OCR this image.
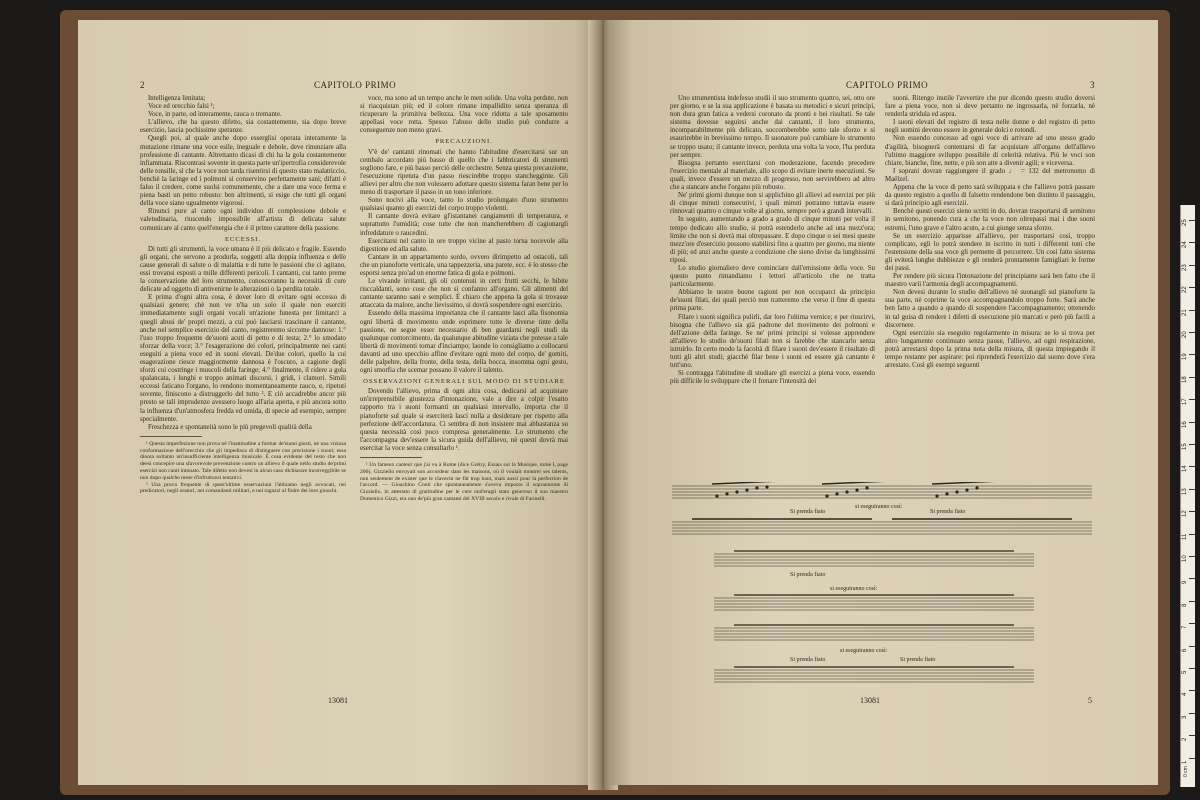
2	CAPITOLO PRIMO

Intelligenza limitata;

Voce ed orecchio falsi ¹;

Voce, in parte, od interamente, rauca o tremante.

L'allievo, che ha questo difetto, sia costantemente, sia dopo breve esercizio, lascia pochissime speranze.

Quegli poi, al quale anche dopo esserglisi operata interamente la mutazione rimane una voce esile, ineguale e debole, deve rinunziare alla professione di cantante. Altrettanto dicasi di chi ha la gola costantemente infiammata. Riscontrasi sovente in questa parte un'ipertrofia considerevole delle tonsille, sì che la voce non tarda risentirsi di questo stato malatticcio, benchè la laringe ed i polmoni si conservino perfettamente sani; difatti è falso il credere, come suolsi comunemente, che a dare una voce ferma e piena basti un petto robusto: ben altrimenti, si esige che tutti gli organi della voce siano ugualmente vigorosi.

Rinunci pure al canto ogni individuo di complessione debole e valetudinaria, riuscendo impossibile all'artista di delicata salute comunicare al canto quell'energia che è il primo carattere della passione.

ECCESSI.

Di tutti gli strumenti, la voce umana è il più delicato e fragile. Essendo gli organi, che servono a produrla, soggetti alla doppia influenza e delle cause generali di salute o di malattia e di tutte le passioni che ci agitano, essi trovansi esposti a mille differenti pericoli. I cantanti, cui tanto preme la conservazione del loro strumento, conosceranno la necessità di cure delicate ad oggetto di antivenirne le alterazioni o la perdita totale.

E prima d'ogni altra cosa, è dover loro di evitare ogni eccesso di qualsiasi genere; chè non ve n'ha un solo il quale non eserciti immediatamente sugli organi vocali un'azione funesta per limitarci a quegli abusi de' propri mezzi, a cui può lasciarsi trascinare il cantante, anche nel semplice esercizio del canto, registreremo siccome dannose: 1.° l'uso troppo frequente de'suoni acuti di petto e di testa; 2.° lo smodato sforzar della voce; 3.° l'esagerazione dei colori, principalmente nei canti eseguiti a piena voce ed in suoni elevati. De'due colori, quello la cui esagerazione riesce maggiormente dannosa è l'oscuro, a cagione degli sforzi cui costringe i muscoli della faringe; 4.° finalmente, il ridere a gola spalancata, i lunghi e troppo animati discorsi, i gridi, i clamori. Simili eccessi faticano l'organo, lo rendono momentaneamente rauco, e, ripetuti sovente, finiscono a distruggerlo del tutto ². E ciò accadrebbe ancor più presto se tali imprudenze avessero luogo all'aria aperta, e più ancora sotto la influenza d'un'atmosfera fredda ed umida, di specie ad esempio, sempre specialmente.

Freschezza e spontaneità sono le più pregevoli qualità della

¹ Questa imperfezione non prova nè l'inattitudine a formar de'suoni giusti, nè una viziosa conformazione dell'orecchio che gli impedisca di distinguere con precisione i suoni; essa dinota soltanto un'insufficiente intelligenza musicale. È cosa evidente del resto che non deesi concepire una sfavorevole prevenzione contro un allievo il quale nello studio de'primi esercizi non canti intonato. Tale difetto non devesi in alcun caso dichiarare incorreggibile se non dopo qualche mese d'infruttuosi tentativi.

² Una prova frequente di quest'ultime osservazioni l'abbiamo negli avvocati, nei predicatori, negli oratori, nei comandanti militari, e nei ragazzi al finire dei loro giuochi.

voce, ma sono ad un tempo anche le men solide. Una volta perdute, non si riacquistan più; ed il colore rimane impallidito senza speranza di ricuperare la primitiva bellezza. Una voce ridotta a tale sposamento appellasi voce rotta. Spesso l'abuso dello studio può condurre a conseguenze non meno gravi.

PRECAUZIONI.

V'è de' cantanti rinomati che hanno l'abitudine d'esercitarsi sur un cembalo accordato più basso di quello che i fabbricatori di strumenti sogliono fare, e più basso perciò delle orchestre. Senza questa precauzione, l'esecuzione ripetuta d'un passo riescirebbe troppo stanchegginte. Gli allievi per altro che non volessero adottare questo sistema faran bene per lo meno di trasportare il passo in un tono inferiore.

Sono nocivi alla voce, tanto lo studio prolungato d'uno strumento qualsiasi quanto gli esercizi del corpo troppo violenti.

Il cantante dovrà evitare gl'istantanei cangiamenti di temperatura, e soprattutto l'umidità; cose tutte che non mancherebbero di cagionargli infreddature o raucedini.

Esercitarsi nel canto in ore troppo vicine al pasto torna nocevole alla digestione ed alla salute.

Cantare in un appartamento sordo, ovvero dirimpetto ad ostacoli, tali che un pianoforte verticale, una tappezzeria, una parete, ecc. è lo stesso che esporsi senza pro'ad un enorme fatica di gola e polmoni.

Le vivande irritanti, gli oli contenuti in certi frutti secchi, le bibite risccaldanti, sono cose che non si confanno all'organo. Gli alimenti del cantante saranno sani e semplici. È chiaro che appena la gola si trovasse attaccata da malore, anche lievissimo, si dovrà sospendere ogni esercizio.

Essendo della massima importanza che il cantante lasci alla fisonomia ogni libertà di movimento onde esprimere tutte le diverse tinte della passione, ne segue esser necessario di ben guardarsi negli studi da qualunque contorcimento, da qualunque abitudine viziata che potesse a tale libertà di movimenti tornar d'inciampo; laonde lo consigliamo a collocarsi davanti ad uno specchio affine d'evitare ogni moto del corpo, de' gomiti, delle palpebre, della fronte, della testa, della bocca, insomma ogni gesto, ogni smorfia che scemar possano il valore il talento.

OSSERVAZIONI GENERALI SUL MODO DI STUDIARE

Dovendo l'allievo, prima di ogni altra cosa, dedicarsi ad acquistare un'irreprensibile giustezza d'intonazione, vale a dire a colpir l'esatto rapporto tra i suoni formanti un qualsiasi intervallo, importa che il pianoforte sul quale si eserciterà lasci nulla a desiderare per rispetto alla perfezione dell'accordatura. Ci sembra di non insistere mai abbastanza su questa necessità così poco compresa generalmente. Lo strumento che l'accompagna dev'essere la sicura guida dell'allievo, nè questi dovrà mai esercitar la voce senza consultarlo ¹.

¹ Un fameux canteur que j'ai vu à Rome (dice Grétry, Essais sur la Musique, tome I, page 206), Gizziello envoyait son accordeur dans les maisons, où il voulait montrer ses talents, non seulement de exister que le clavecin ne fût trop haut, mais aussi pour la perfection de l'accord. — Gioachino Conti che spontaneamente s'aveva imposto il soprannome di Gizziello, in attestato di gratitudine per le cure ond'eragli stato generoso il suo maestro Domenico Gizzi, era uno de'più gran cantanti del XVIII secolo e rivale di Farinelli.

13081
CAPITOLO PRIMO	3

Uno strumentista indefesso studii il suo strumento quattro, sei, otto ore per giorno, e se la sua applicazione è basata su metodici e sicuri principi, non dura gran fatica a vedersi coronato da pronti e bei risultati. Se tale sistema dovesse seguirsi anche dai cantanti, il loro strumento, incomparabilmente più delicato, soccomberebbe sotto tale sforzo e si esaurirebbe in brevissimo tempo. Il suonatore può cambiare lo strumento se troppo usato; il cantante invece, perduta una volta la voce, l'ha perduta per sempre.

Bisogna pertanto esercitarsi con moderazione, facendo precedere l'esercizio mentale al materiale, allo scopo di evitare inerte esecuzioni. Se quali, invece d'essere un mezzo di progresso, non servirebbero ad altro che a stancare anche l'organo più robusto.

Ne' primi giorni dunque non si applichino gli allievi ad esercizi per più di cinque minuti consecutivi, i quali minuti potranno tuttavia essere rinnovati quattro o cinque volte al giorno, sempre però a grandi intervalli.

In seguito, aumentando a grado a grado di cinque minuti per volta il tempo dedicato allo studio, si potrà estenderlo anche ad una mezz'ora; limite che non si dovrà mai oltrepassare. E dopo cinque o sei mesi queste mezz'ore d'esercizio possono stabilirsi fino a quattro per giorno, ma niente di più; ed anzi anche queste a condizione che sieno divise da lunghissimi riposi.

Lo studio giornaliero deve cominciare dall'emissione della voce. Su questo punto rimandiamo i lettori all'articolo che ne tratta particolarmente.

Abbiamo le nostre buone ragioni per non occuparci da principio de'suoni filati, dei quali perciò non tratteremo che verso il fine di questa prima parte.

Filare i suoni significa pulirli, dar loro l'ultima vernice; e per riuscirvi, bisogna che l'allievo sia già padrone del movimento dei polmoni e dell'azione della faringe. Se ne' primi principi si volesse apprendere all'allievo lo studio de'suoni filati non si farebbe che stancarlo senza istruirlo. In certo modo la facoltà di filare i suoni dev'essere il risultato di tutti gli altri studi; giacchè filar bene i suoni ed essere già cantante è tutt'uno.

Si contragga l'abitudine di studiare gli esercizi a piena voce, essendo più difficile lo sviluppare che il frenare l'intensità dei

suoni. Ritengo inutile l'avvertire che pur dicendo questo studio doversi fare a piena voce, non si deve pertanto ne ingrossarla, nè forzarla, nè renderla stridula ed aspra.

I suoni elevati del registro di testa nelle donne e del registro di petto negli uomini devono essere in generale dolci e rotondi.

Non essendo concesso ad ogni voce di arrivare ad uno stesso grado d'agilità, bisognerà contentarsi di far acquistare all'organo dell'allievo l'ultimo maggiore sviluppo possibile di celerità relativa. Più le voci son chiare, bianche, fine, nette, e più son atte a divenir agili; e viceversa.

I soprani dovran raggiungere il grado ♩ = 132 del metronomo di Maëlzel.

Appena che la voce di petto sarà sviluppata e che l'allievo potrà passare da questo registro a quello di falsetto rendendone ben distinto il passaggio, si darà principio agli esercizii.

Benchè questi esercizi sieno scritti in do, dovran trasportarsi di semitono in semitono, ponendo cura a che la voce non oltrepassi mai i due suoni estremi, l'uno grave e l'altro acuto, a cui giunge senza sforzo.

Se un esercizio apparisse all'allievo, per trasportarsi così, troppo complicato, egli lo potrà stendere in iscritto in tutti i differenti toni che l'estensione della sua voce gli permette di percorrere. Un così fatto sistema gli eviterà lunghe dubbiezze e gli renderà prontamente famigliari le forme dei passi.

Per rendere più sicura l'intonazione del principiante sarà ben fatto che il maestro varii l'armonia degli accompagnamenti.

Non devesi durante lo studio dell'allievo nè suonargli sul pianoforte la sua parte, nè coprirne la voce accompagnandolo troppo forte. Sarà anche ben fatto a quando a quando di sospendere l'accompagnamento; ottenendo in tal guisa di rendere i difetti di esecuzione più marcati e però più facili a discernere.

Ogni esercizio sia eseguito regolarmente in misura: se lo si trova per altro lungamente continuato senza pause, l'allievo, ad ogni respirazione, potrà arrestarsi dopo la prima nota della misura, di questa impiegando il tempo restante per aspirare: poi riprenderà l'esercizio dal suono dove s'era arrestato. Così gli esempi seguenti

si eseguiranno così:
Si prenda fiato	Si prenda fiato
Si prenda fiato
si eseguiranno così:
si eseguiranno così:
Si prenda fiato	Si prenda fiato
13081	5
0 cm
1
2
3
4
5
6
7
8
9
10
11
12
13
14
15
16
17
18
19
20
21
22
23
24
25
